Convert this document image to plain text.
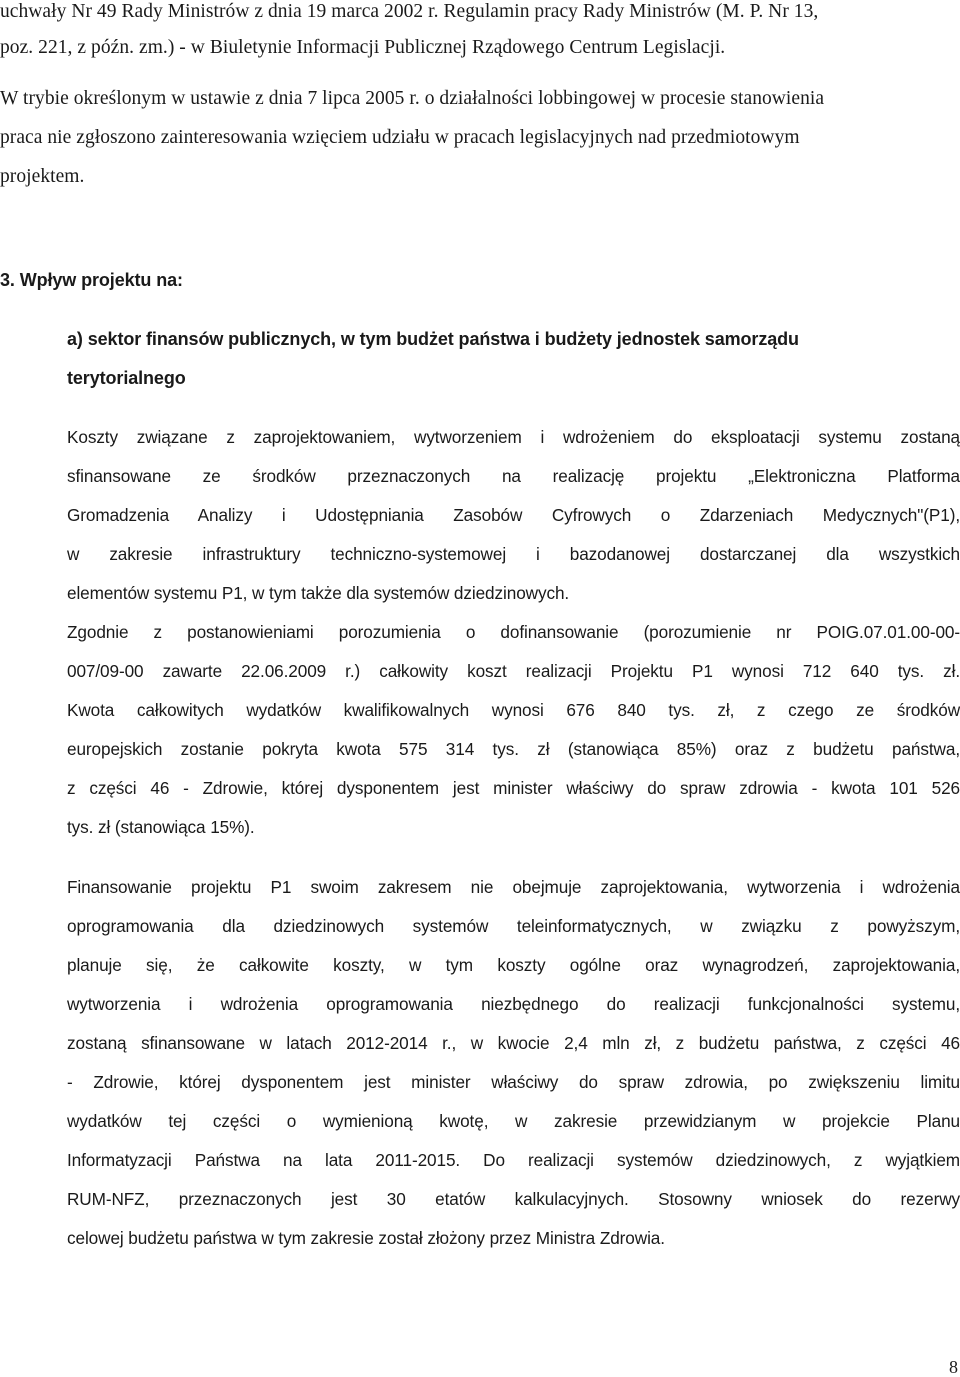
uchwały Nr 49 Rady Ministrów z dnia 19 marca 2002 r. Regulamin pracy Rady Ministrów (M. P. Nr 13,
poz. 221, z późn. zm.) - w Biuletynie Informacji Publicznej Rządowego Centrum Legislacji.
W trybie określonym w ustawie z dnia 7 lipca 2005 r. o działalności lobbingowej w procesie stanowienia
praca nie zgłoszono zainteresowania wzięciem udziału w pracach legislacyjnych nad przedmiotowym
projektem.
3. Wpływ projektu na:
a) sektor finansów publicznych, w tym budżet państwa i budżety jednostek samorządu
terytorialnego
Koszty związane z zaprojektowaniem, wytworzeniem i wdrożeniem do eksploatacji systemu zostaną
sfinansowane ze środków przeznaczonych na realizację projektu „Elektroniczna Platforma
Gromadzenia Analizy i Udostępniania Zasobów Cyfrowych o Zdarzeniach Medycznych"(P1),
w zakresie infrastruktury techniczno-systemowej i bazodanowej dostarczanej dla wszystkich
elementów systemu P1, w tym także dla systemów dziedzinowych.
Zgodnie z postanowieniami porozumienia o dofinansowanie (porozumienie nr POIG.07.01.00-00-
007/09-00 zawarte 22.06.2009 r.) całkowity koszt realizacji Projektu P1 wynosi 712 640 tys. zł.
Kwota całkowitych wydatków kwalifikowalnych wynosi 676 840 tys. zł, z czego ze środków
europejskich zostanie pokryta kwota 575 314 tys. zł (stanowiąca 85%) oraz z budżetu państwa,
z części 46 - Zdrowie, której dysponentem jest minister właściwy do spraw zdrowia - kwota 101 526
tys. zł (stanowiąca 15%).
Finansowanie projektu P1 swoim zakresem nie obejmuje zaprojektowania, wytworzenia i wdrożenia
oprogramowania dla dziedzinowych systemów teleinformatycznych, w związku z powyższym,
planuje się, że całkowite koszty, w tym koszty ogólne oraz wynagrodzeń, zaprojektowania,
wytworzenia i wdrożenia oprogramowania niezbędnego do realizacji funkcjonalności systemu,
zostaną sfinansowane w latach 2012-2014 r., w kwocie 2,4 mln zł, z budżetu państwa, z części 46
- Zdrowie, której dysponentem jest minister właściwy do spraw zdrowia, po zwiększeniu limitu
wydatków tej części o wymienioną kwotę, w zakresie przewidzianym w projekcie Planu
Informatyzacji Państwa na lata 2011-2015. Do realizacji systemów dziedzinowych, z wyjątkiem
RUM-NFZ, przeznaczonych jest 30 etatów kalkulacyjnych. Stosowny wniosek do rezerwy
celowej budżetu państwa w tym zakresie został złożony przez Ministra Zdrowia.
8
